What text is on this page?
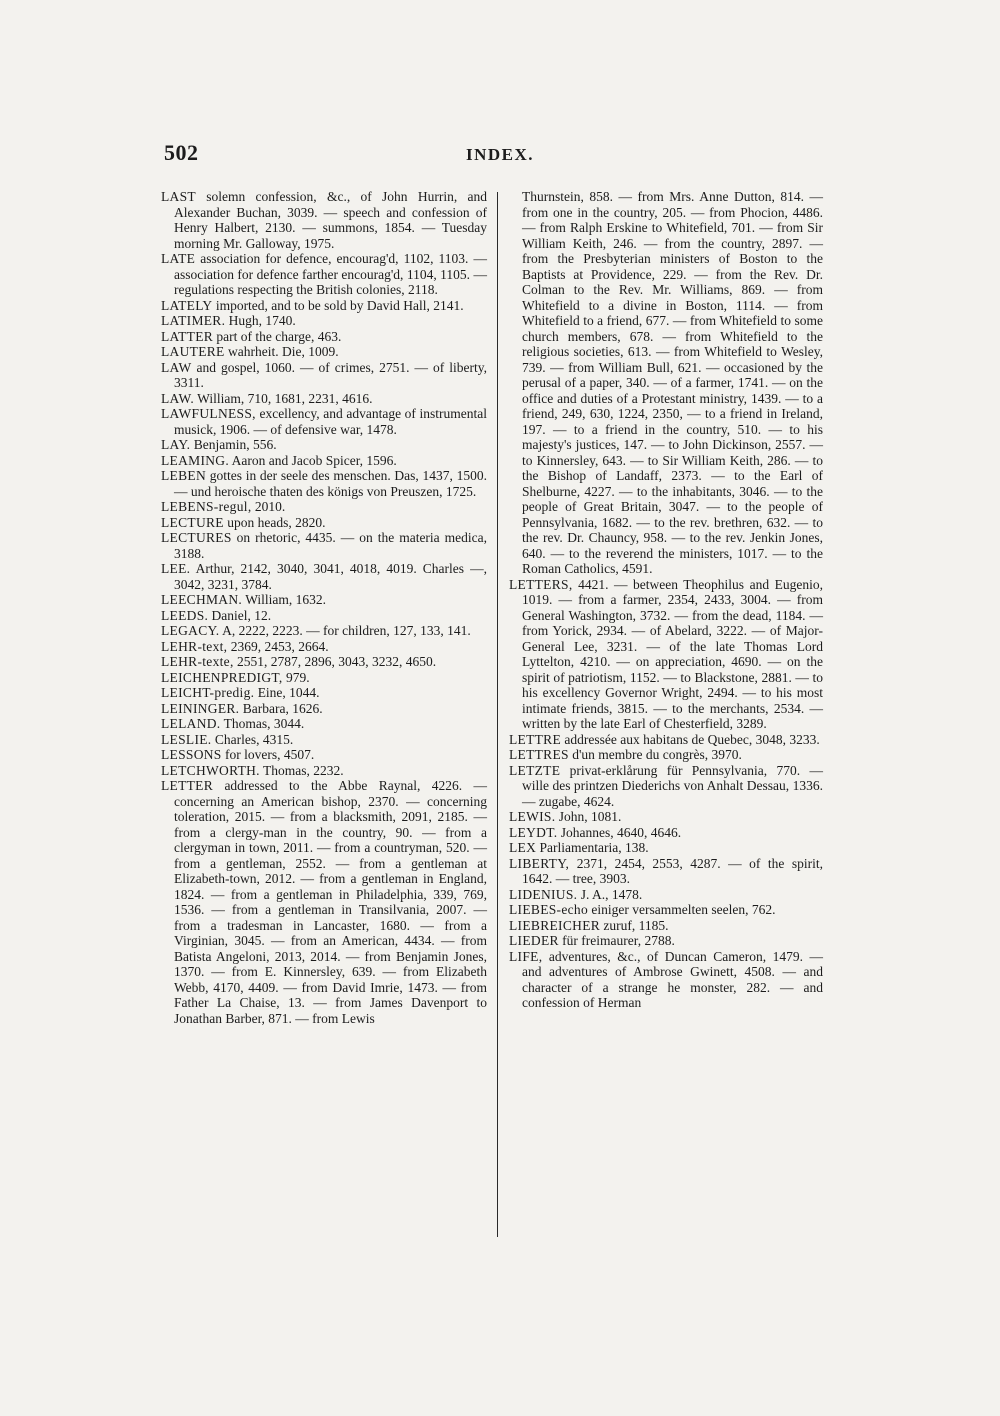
502	INDEX.

LAST solemn confession, &c., of John Hurrin, and Alexander Buchan, 3039. — speech and confession of Henry Halbert, 2130. — summons, 1854. — Tuesday morning Mr. Galloway, 1975.

LATE association for defence, encourag'd, 1102, 1103. — association for defence farther encourag'd, 1104, 1105. — regulations respecting the British colonies, 2118.

LATELY imported, and to be sold by David Hall, 2141.

LATIMER. Hugh, 1740.

LATTER part of the charge, 463.

LAUTERE wahrheit. Die, 1009.

LAW and gospel, 1060. — of crimes, 2751. — of liberty, 3311.

LAW. William, 710, 1681, 2231, 4616.

LAWFULNESS, excellency, and advantage of instrumental musick, 1906. — of defensive war, 1478.

LAY. Benjamin, 556.

LEAMING. Aaron and Jacob Spicer, 1596.

LEBEN gottes in der seele des menschen. Das, 1437, 1500. — und heroische thaten des königs von Preuszen, 1725.

LEBENS-regul, 2010.

LECTURE upon heads, 2820.

LECTURES on rhetoric, 4435. — on the materia medica, 3188.

LEE. Arthur, 2142, 3040, 3041, 4018, 4019. Charles —, 3042, 3231, 3784.

LEECHMAN. William, 1632.

LEEDS. Daniel, 12.

LEGACY. A, 2222, 2223. — for children, 127, 133, 141.

LEHR-text, 2369, 2453, 2664.

LEHR-texte, 2551, 2787, 2896, 3043, 3232, 4650.

LEICHENPREDIGT, 979.

LEICHT-predig. Eine, 1044.

LEININGER. Barbara, 1626.

LELAND. Thomas, 3044.

LESLIE. Charles, 4315.

LESSONS for lovers, 4507.

LETCHWORTH. Thomas, 2232.

LETTER addressed to the Abbe Raynal, 4226. — concerning an American bishop, 2370. — concerning toleration, 2015. — from a blacksmith, 2091, 2185. — from a clergy-man in the country, 90. — from a clergyman in town, 2011. — from a countryman, 520. — from a gentleman, 2552. — from a gentleman at Elizabeth-town, 2012. — from a gentleman in England, 1824. — from a gentleman in Philadelphia, 339, 769, 1536. — from a gentleman in Transilvania, 2007. — from a tradesman in Lancaster, 1680. — from a Virginian, 3045. — from an American, 4434. — from Batista Angeloni, 2013, 2014. — from Benjamin Jones, 1370. — from E. Kinnersley, 639. — from Elizabeth Webb, 4170, 4409. — from David Imrie, 1473. — from Father La Chaise, 13. — from James Davenport to Jonathan Barber, 871. — from Lewis

Thurnstein, 858. — from Mrs. Anne Dutton, 814. — from one in the country, 205. — from Phocion, 4486. — from Ralph Erskine to Whitefield, 701. — from Sir William Keith, 246. — from the country, 2897. — from the Presbyterian ministers of Boston to the Baptists at Providence, 229. — from the Rev. Dr. Colman to the Rev. Mr. Williams, 869. — from Whitefield to a divine in Boston, 1114. — from Whitefield to a friend, 677. — from Whitefield to some church members, 678. — from Whitefield to the religious societies, 613. — from Whitefield to Wesley, 739. — from William Bull, 621. — occasioned by the perusal of a paper, 340. — of a farmer, 1741. — on the office and duties of a Protestant ministry, 1439. — to a friend, 249, 630, 1224, 2350, — to a friend in Ireland, 197. — to a friend in the country, 510. — to his majesty's justices, 147. — to John Dickinson, 2557. — to Kinnersley, 643. — to Sir William Keith, 286. — to the Bishop of Landaff, 2373. — to the Earl of Shelburne, 4227. — to the inhabitants, 3046. — to the people of Great Britain, 3047. — to the people of Pennsylvania, 1682. — to the rev. brethren, 632. — to the rev. Dr. Chauncy, 958. — to the rev. Jenkin Jones, 640. — to the reverend the ministers, 1017. — to the Roman Catholics, 4591.

LETTERS, 4421. — between Theophilus and Eugenio, 1019. — from a farmer, 2354, 2433, 3004. — from General Washington, 3732. — from the dead, 1184. — from Yorick, 2934. — of Abelard, 3222. — of Major-General Lee, 3231. — of the late Thomas Lord Lyttelton, 4210. — on appreciation, 4690. — on the spirit of patriotism, 1152. — to Blackstone, 2881. — to his excellency Governor Wright, 2494. — to his most intimate friends, 3815. — to the merchants, 2534. — written by the late Earl of Chesterfield, 3289.

LETTRE addressée aux habitans de Quebec, 3048, 3233.

LETTRES d'un membre du congrès, 3970.

LETZTE privat-erklårung für Pennsylvania, 770. — wille des printzen Diederichs von Anhalt Dessau, 1336. — zugabe, 4624.

LEWIS. John, 1081.

LEYDT. Johannes, 4640, 4646.

LEX Parliamentaria, 138.

LIBERTY, 2371, 2454, 2553, 4287. — of the spirit, 1642. — tree, 3903.

LIDENIUS. J. A., 1478.

LIEBES-echo einiger versammelten seelen, 762.

LIEBREICHER zuruf, 1185.

LIEDER für freimaurer, 2788.

LIFE, adventures, &c., of Duncan Cameron, 1479. — and adventures of Ambrose Gwinett, 4508. — and character of a strange he monster, 282. — and confession of Herman
